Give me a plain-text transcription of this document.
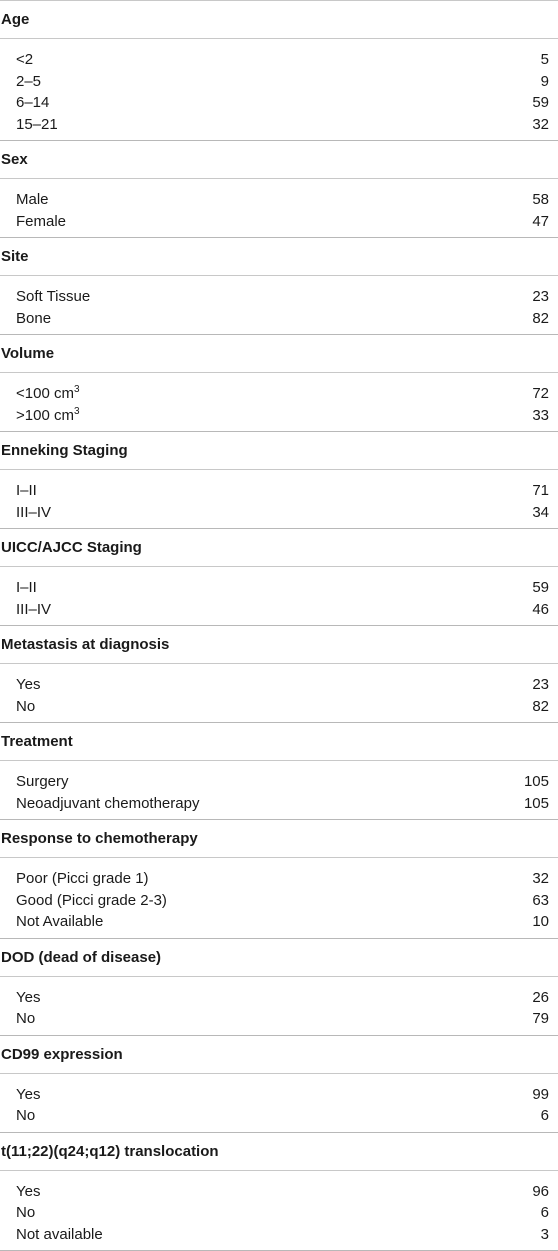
Age
<2	5
2–5	9
6–14	59
15–21	32
Sex
Male	58
Female	47
Site
Soft Tissue	23
Bone	82
Volume
<100 $cm^3$	72
>100 $cm^3$	33
Enneking Staging
I–II	71
III–IV	34
UICC/AJCC Staging
I–II	59
III–IV	46
Metastasis at diagnosis
Yes	23
No	82
Treatment
Surgery	105
Neoadjuvant chemotherapy	105
Response to chemotherapy
Poor (Picci grade 1)	32
Good (Picci grade 2-3)	63
Not Available	10
DOD (dead of disease)
Yes	26
No	79
CD99 expression
Yes	99
No	6
t(11;22)(q24;q12) translocation
Yes	96
No	6
Not available	3
